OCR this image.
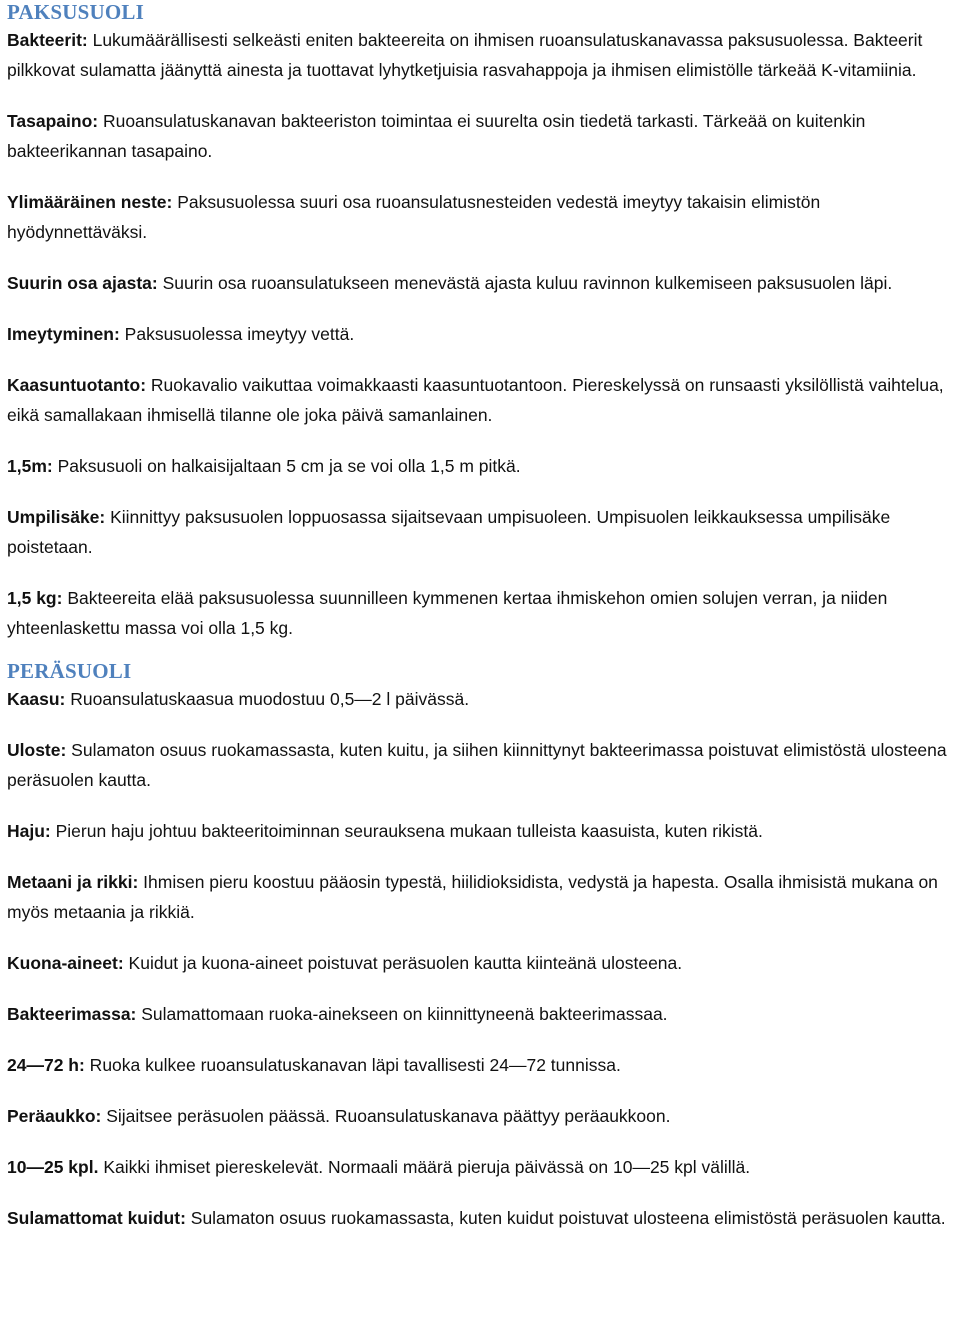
PAKSUSUOLI

Bakteerit: Lukumäärällisesti selkeästi eniten bakteereita on ihmisen ruoansulatuskanavassa paksusuolessa. Bakteerit pilkkovat sulamatta jäänyttä ainesta ja tuottavat lyhytketjuisia rasvahappoja ja ihmisen elimistölle tärkeää K-vitamiinia.

Tasapaino: Ruoansulatuskanavan bakteeriston toimintaa ei suurelta osin tiedetä tarkasti. Tärkeää on kuitenkin bakteerikannan tasapaino.

Ylimääräinen neste: Paksusuolessa suuri osa ruoansulatusnesteiden vedestä imeytyy takaisin elimistön hyödynnettäväksi.

Suurin osa ajasta: Suurin osa ruoansulatukseen menevästä ajasta kuluu ravinnon kulkemiseen paksusuolen läpi.

Imeytyminen: Paksusuolessa imeytyy vettä.

Kaasuntuotanto: Ruokavalio vaikuttaa voimakkaasti kaasuntuotantoon. Piereskelyssä on runsaasti yksilöllistä vaihtelua, eikä samallakaan ihmisellä tilanne ole joka päivä samanlainen.

1,5m: Paksusuoli on halkaisijaltaan 5 cm ja se voi olla 1,5 m pitkä.

Umpilisäke: Kiinnittyy paksusuolen loppuosassa sijaitsevaan umpisuoleen. Umpisuolen leikkauksessa umpilisäke poistetaan.

1,5 kg: Bakteereita elää paksusuolessa suunnilleen kymmenen kertaa ihmiskehon omien solujen verran, ja niiden yhteenlaskettu massa voi olla 1,5 kg.

PERÄSUOLI

Kaasu: Ruoansulatuskaasua muodostuu 0,5—2 l päivässä.

Uloste: Sulamaton osuus ruokamassasta, kuten kuitu, ja siihen kiinnittynyt bakteerimassa poistuvat elimistöstä ulosteena peräsuolen kautta.

Haju: Pierun haju johtuu bakteeritoiminnan seurauksena mukaan tulleista kaasuista, kuten rikistä.

Metaani ja rikki: Ihmisen pieru koostuu pääosin typestä, hiilidioksidista, vedystä ja hapesta. Osalla ihmisistä mukana on myös metaania ja rikkiä.

Kuona-aineet: Kuidut ja kuona-aineet poistuvat peräsuolen kautta kiinteänä ulosteena.

Bakteerimassa: Sulamattomaan ruoka-ainekseen on kiinnittyneenä bakteerimassaa.

24—72 h: Ruoka kulkee ruoansulatuskanavan läpi tavallisesti 24—72 tunnissa.

Peräaukko: Sijaitsee peräsuolen päässä. Ruoansulatuskanava päättyy peräaukkoon.

10—25 kpl. Kaikki ihmiset piereskelevät. Normaali määrä pieruja päivässä on 10—25 kpl välillä.

Sulamattomat kuidut: Sulamaton osuus ruokamassasta, kuten kuidut poistuvat ulosteena elimistöstä peräsuolen kautta.
